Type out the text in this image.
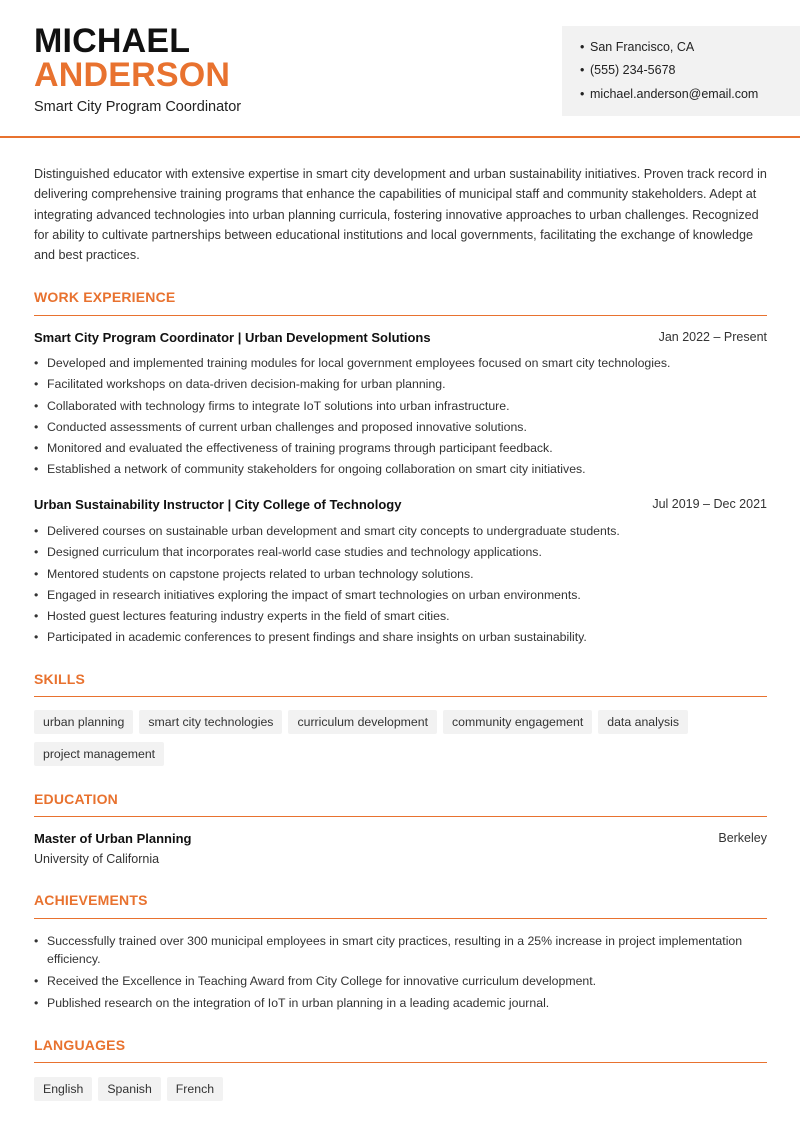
MICHAEL
ANDERSON
Smart City Program Coordinator
• San Francisco, CA
• (555) 234-5678
• michael.anderson@email.com
Distinguished educator with extensive expertise in smart city development and urban sustainability initiatives. Proven track record in delivering comprehensive training programs that enhance the capabilities of municipal staff and community stakeholders. Adept at integrating advanced technologies into urban planning curricula, fostering innovative approaches to urban challenges. Recognized for ability to cultivate partnerships between educational institutions and local governments, facilitating the exchange of knowledge and best practices.
WORK EXPERIENCE
Smart City Program Coordinator | Urban Development Solutions	Jan 2022 – Present
• Developed and implemented training modules for local government employees focused on smart city technologies.
• Facilitated workshops on data-driven decision-making for urban planning.
• Collaborated with technology firms to integrate IoT solutions into urban infrastructure.
• Conducted assessments of current urban challenges and proposed innovative solutions.
• Monitored and evaluated the effectiveness of training programs through participant feedback.
• Established a network of community stakeholders for ongoing collaboration on smart city initiatives.
Urban Sustainability Instructor | City College of Technology	Jul 2019 – Dec 2021
• Delivered courses on sustainable urban development and smart city concepts to undergraduate students.
• Designed curriculum that incorporates real-world case studies and technology applications.
• Mentored students on capstone projects related to urban technology solutions.
• Engaged in research initiatives exploring the impact of smart technologies on urban environments.
• Hosted guest lectures featuring industry experts in the field of smart cities.
• Participated in academic conferences to present findings and share insights on urban sustainability.
SKILLS
urban planning smart city technologies curriculum development community engagement data analysis
project management
EDUCATION
Master of Urban Planning	Berkeley
University of California
ACHIEVEMENTS
• Successfully trained over 300 municipal employees in smart city practices, resulting in a 25% increase in project implementation efficiency.
• Received the Excellence in Teaching Award from City College for innovative curriculum development.
• Published research on the integration of IoT in urban planning in a leading academic journal.
LANGUAGES
English Spanish French
